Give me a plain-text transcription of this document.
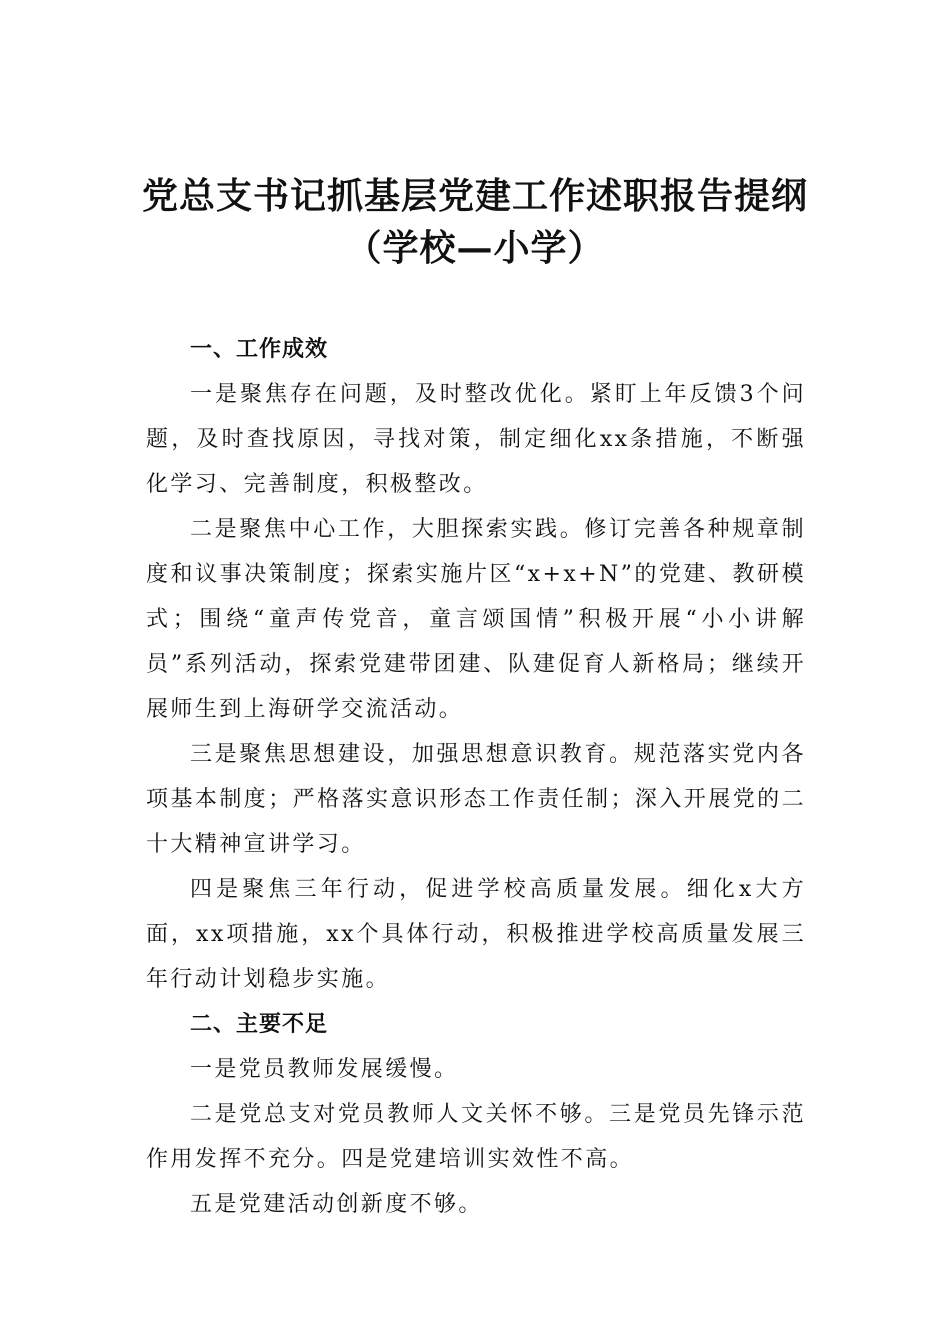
党总支书记抓基层党建工作述职报告提纲
（学校—小学）

一、工作成效

一是聚焦存在问题，及时整改优化。紧盯上年反馈3个问题，及时查找原因，寻找对策，制定细化xx条措施，不断强化学习、完善制度，积极整改。

二是聚焦中心工作，大胆探索实践。修订完善各种规章制度和议事决策制度；探索实施片区“x+x+N”的党建、教研模式；围绕“童声传党音，童言颂国情”积极开展“小小讲解员”系列活动，探索党建带团建、队建促育人新格局；继续开展师生到上海研学交流活动。

三是聚焦思想建设，加强思想意识教育。规范落实党内各项基本制度；严格落实意识形态工作责任制；深入开展党的二十大精神宣讲学习。

四是聚焦三年行动，促进学校高质量发展。细化x大方面，xx项措施，xx个具体行动，积极推进学校高质量发展三年行动计划稳步实施。

二、主要不足

一是党员教师发展缓慢。

二是党总支对党员教师人文关怀不够。三是党员先锋示范作用发挥不充分。四是党建培训实效性不高。

五是党建活动创新度不够。
